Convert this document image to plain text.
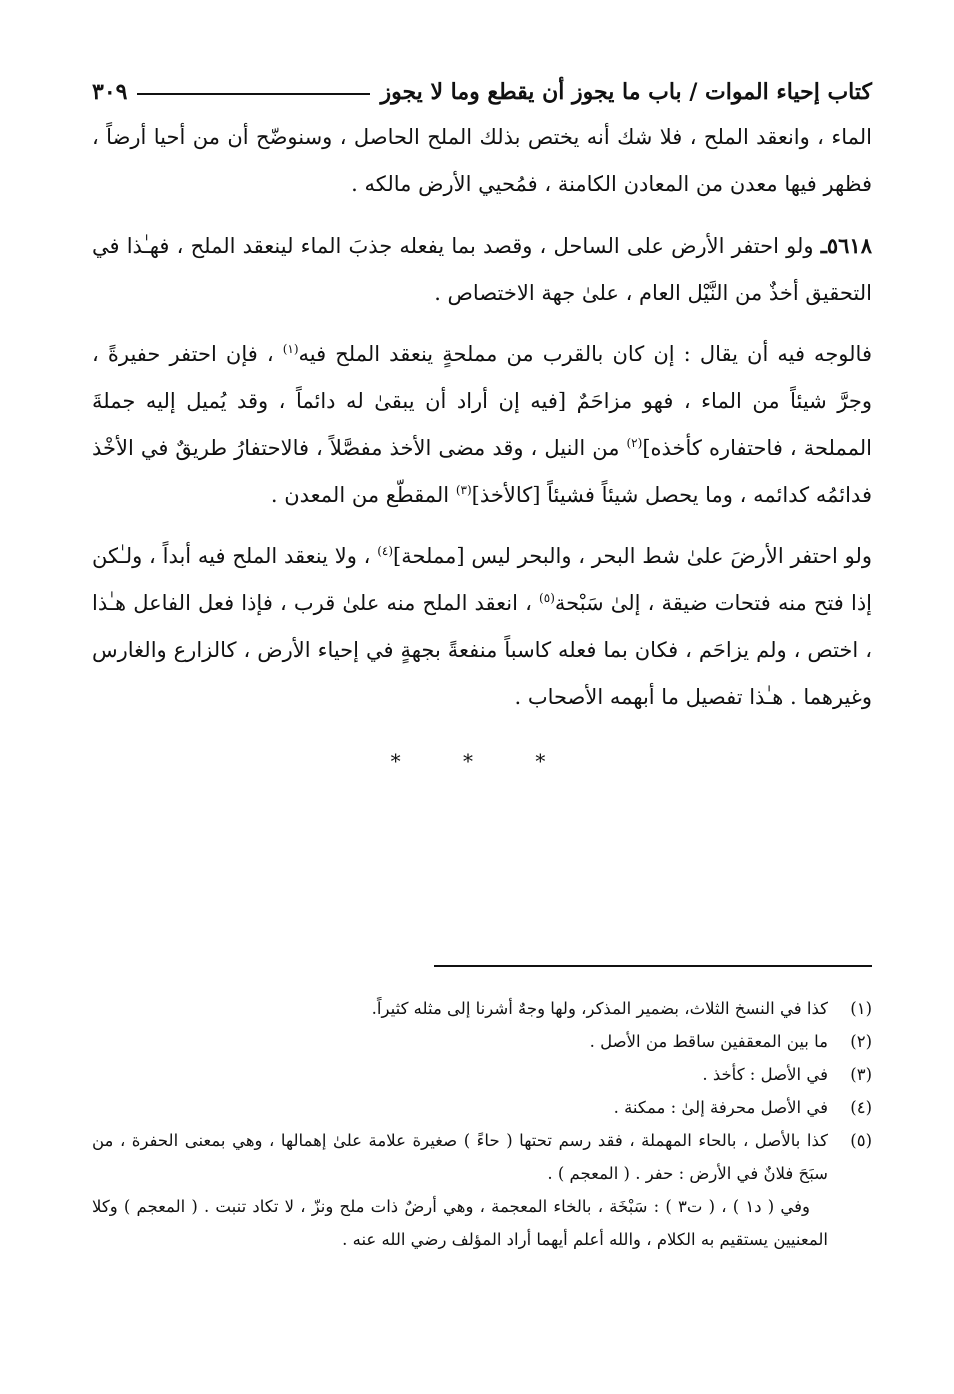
كتاب إحياء الموات / باب ما يجوز أن يقطع وما لا يجوز
٣٠٩

الماء ، وانعقد الملح ، فلا شك أنه يختص بذلك الملح الحاصل ، وسنوضّح أن من أحيا أرضاً ، فظهر فيها معدن من المعادن الكامنة ، فمُحيي الأرض مالكه .

٥٦١٨ـ ولو احتفر الأرض على الساحل ، وقصد بما يفعله جذبَ الماء لينعقد الملح ، فهـٰذا في التحقيق أخذٌ من النَّيْل العام ، علىٰ جهة الاختصاص .

فالوجه فيه أن يقال : إن كان بالقرب من مملحةٍ ينعقد الملح فيه$^{(١)}$ ، فإن احتفر حفيرةً ، وجرَّ شيئاً من الماء ، فهو مزاحَمٌ [فيه إن أراد أن يبقىٰ له دائماً ، وقد يُميل إليه جملةَ المملحة ، فاحتفاره كأخذه]$^{(٢)}$ من النيل ، وقد مضى الأخذ مفصَّلاً ، فالاحتفارُ طريقٌ في الأخْذ فدائمُه كدائمه ، وما يحصل شيئاً فشيئاً [كالأخذ]$^{(٣)}$ المقطّع من المعدن .

ولو احتفر الأرضَ علىٰ شط البحر ، والبحر ليس [مملحة]$^{(٤)}$ ، ولا ينعقد الملح فيه أبداً ، ولـٰكن إذا فتح منه فتحات ضيقة ، إلىٰ سَبْحة$^{(٥)}$ ، انعقد الملح منه علىٰ قرب ، فإذا فعل الفاعل هـٰذا ، اختص ، ولم يزاحَم ، فكان بما فعله كاسباً منفعةً بجهةٍ في إحياء الأرض ، كالزارع والغارس وغيرهما . هـٰذا تفصيل ما أبهمه الأصحاب .

* * *
(١)
كذا في النسخ الثلاث، بضمير المذكر، ولها وجهٌ أشرنا إلى مثله كثيراً.
(٢)
ما بين المعقفين ساقط من الأصل .
(٣)
في الأصل : كأخذ .
(٤)
في الأصل محرفة إلىٰ : ممكنة .
(٥)
كذا بالأصل ، بالحاء المهملة ، فقد رسم تحتها ( حاءً ) صغيرة علامة علىٰ إهمالها ، وهي بمعنى الحفرة ، من سبَحَ فلانٌ في الأرض : حفر . ( المعجم ) .
وفي ( د١ ) ، ( ت٣ ) : سَبْخَة ، بالخاء المعجمة ، وهي أرضٌ ذات ملح ونزّ ، لا تكاد تنبت . ( المعجم ) وكلا المعنيين يستقيم به الكلام ، والله أعلم أيهما أراد المؤلف رضي الله عنه .
